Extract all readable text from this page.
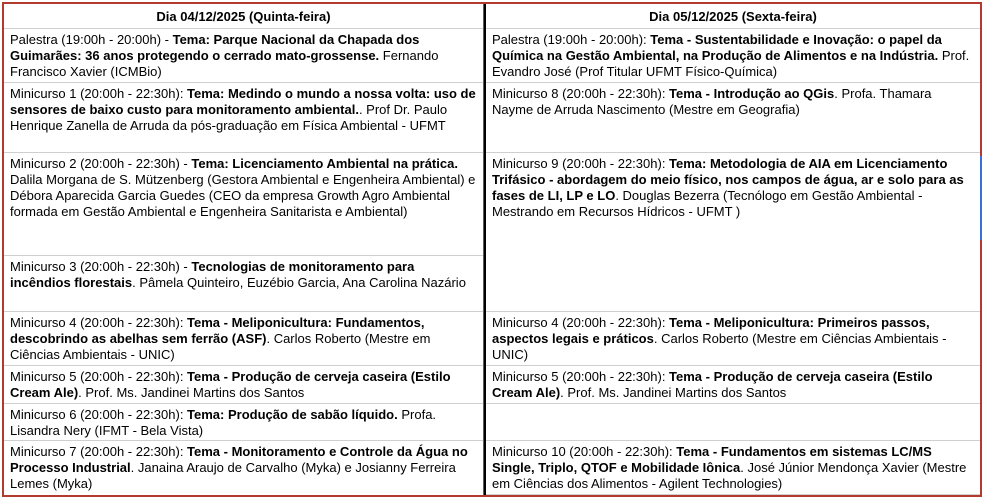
Dia 04/12/2025 (Quinta-feira)
Palestra (19:00h - 20:00h) - Tema: Parque Nacional da Chapada dos Guimarães: 36 anos protegendo o cerrado mato-grossense. Fernando Francisco Xavier (ICMBio)
Minicurso 1 (20:00h - 22:30h): Tema: Medindo o mundo a nossa volta: uso de sensores de baixo custo para monitoramento ambiental.. Prof Dr. Paulo Henrique Zanella de Arruda da pós-graduação em Física Ambiental - UFMT
Minicurso 2 (20:00h - 22:30h) - Tema: Licenciamento Ambiental na prática. Dalila Morgana de S. Mützenberg (Gestora Ambiental e Engenheira Ambiental) e Débora Aparecida Garcia Guedes (CEO da empresa Growth Agro Ambiental formada em Gestão Ambiental e Engenheira Sanitarista e Ambiental)
Minicurso 3 (20:00h - 22:30h) - Tecnologias de monitoramento para incêndios florestais. Pâmela Quinteiro, Euzébio Garcia, Ana Carolina Nazário
Minicurso 4 (20:00h - 22:30h): Tema - Meliponicultura: Fundamentos, descobrindo as abelhas sem ferrão (ASF). Carlos Roberto (Mestre em Ciências Ambientais - UNIC)
Minicurso 5 (20:00h - 22:30h): Tema - Produção de cerveja caseira (Estilo Cream Ale). Prof. Ms. Jandinei Martins dos Santos
Minicurso 6 (20:00h - 22:30h): Tema: Produção de sabão líquido. Profa. Lisandra Nery (IFMT - Bela Vista)
Minicurso 7 (20:00h - 22:30h): Tema - Monitoramento e Controle da Água no Processo Industrial. Janaina Araujo de Carvalho (Myka) e Josianny Ferreira Lemes (Myka)
Dia 05/12/2025 (Sexta-feira)
Palestra (19:00h - 20:00h): Tema - Sustentabilidade e Inovação: o papel da Química na Gestão Ambiental, na Produção de Alimentos e na Indústria. Prof. Evandro José (Prof Titular UFMT Físico-Química)
Minicurso 8 (20:00h - 22:30h): Tema - Introdução ao QGis. Profa. Thamara Nayme de Arruda Nascimento (Mestre em Geografia)
Minicurso 9 (20:00h - 22:30h): Tema: Metodologia de AIA em Licenciamento Trifásico - abordagem do meio físico, nos campos de água, ar e solo para as fases de LI, LP e LO. Douglas Bezerra (Tecnólogo em Gestão Ambiental - Mestrando em Recursos Hídricos - UFMT )
Minicurso 4 (20:00h - 22:30h): Tema - Meliponicultura: Primeiros passos, aspectos legais e práticos. Carlos Roberto (Mestre em Ciências Ambientais - UNIC)
Minicurso 5 (20:00h - 22:30h): Tema - Produção de cerveja caseira (Estilo Cream Ale). Prof. Ms. Jandinei Martins dos Santos
Minicurso 10 (20:00h - 22:30h): Tema - Fundamentos em sistemas LC/MS Single, Triplo, QTOF e Mobilidade Iônica. José Júnior Mendonça Xavier (Mestre em Ciências dos Alimentos - Agilent Technologies)
